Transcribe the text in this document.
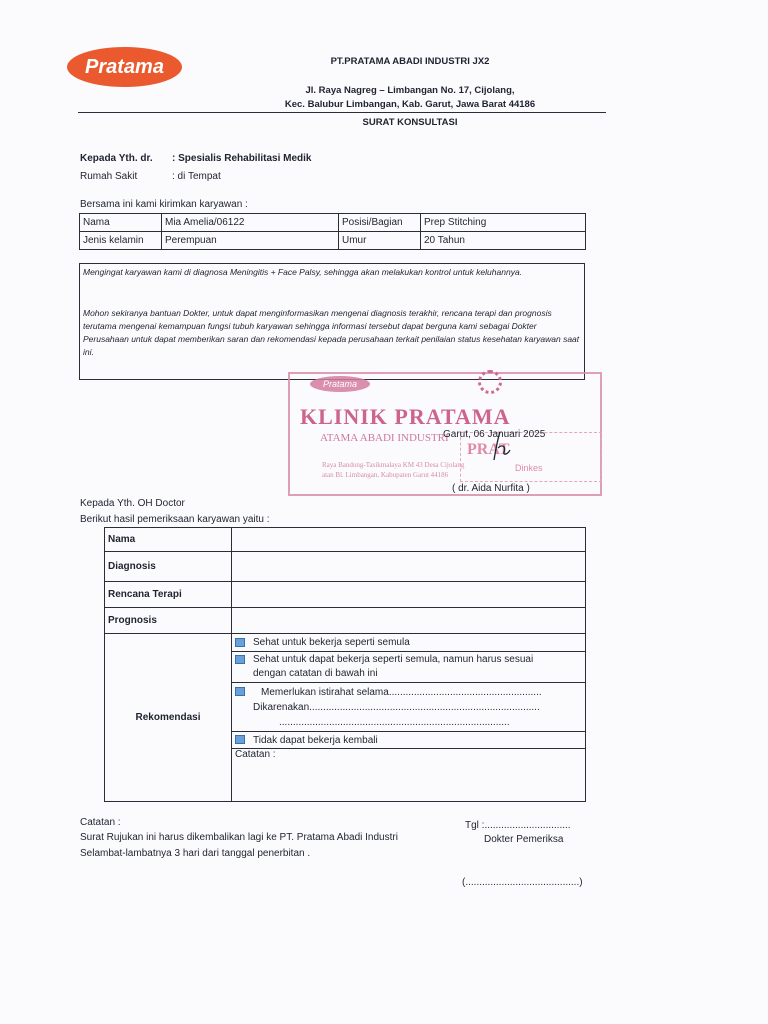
Pratama	PT.PRATAMA ABADI INDUSTRI JX2
Jl. Raya Nagreg – Limbangan No. 17, Cijolang,
Kec. Balubur Limbangan, Kab. Garut, Jawa Barat 44186
SURAT KONSULTASI
Kepada Yth. dr. : Spesialis Rehabilitasi Medik
Rumah Sakit	: di Tempat
Bersama ini kami kirimkan karyawan :
Nama	Mia Amelia/06122	Posisi/Bagian	Prep Stitching
Jenis kelamin	Perempuan	Umur	20 Tahun

Mengingat karyawan kami di diagnosa Meningitis + Face Palsy, sehingga akan melakukan kontrol untuk keluhannya.

Mohon sekiranya bantuan Dokter, untuk dapat menginformasikan mengenai diagnosis terakhir, rencana terapi dan prognosis terutama mengenai kemampuan fungsi tubuh karyawan sehingga informasi tersebut dapat berguna kami sebagai Dokter Perusahaan untuk dapat memberikan saran dan rekomendasi kepada perusahaan terkait penilaian status kesehatan karyawan saat ini.

Pratama
KLINIK PRATAMA
ATAMA ABADI INDUSTRI
Raya Bandung-Tasikmalaya KM 43 Desa Cijolang
atan Bl. Limbangan, Kabupaten Garut 44186
PRAT
Dinkes
Garut, 06 Januari 2025
( dr. Aida Nurfita )
Kepada Yth. OH Doctor
Berikut hasil pemeriksaan karyawan yaitu :
Nama	
Diagnosis	
Rencana Terapi	
Prognosis	
Rekomendasi	Sehat untuk bekerja seperti semula
	Sehat untuk dapat bekerja seperti semula, namun harus sesuai
dengan catatan di bawah ini
	Memerlukan istirahat selama.......................................................
Dikarenakan...................................................................................
...................................................................................
	Tidak dapat bekerja kembali
	Catatan :
Catatan :
Surat Rujukan ini harus dikembalikan lagi ke PT. Pratama Abadi Industri
Selambat-lambatnya 3 hari dari tanggal penerbitan .
Tgl :...............................
Dokter Pemeriksa
(.........................................)
